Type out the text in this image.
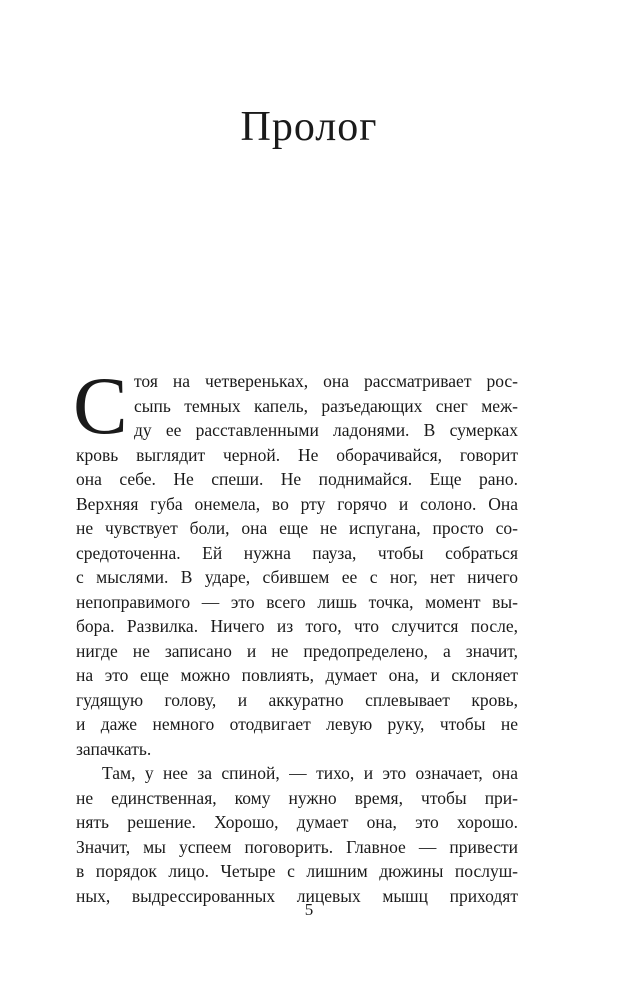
Пролог
С тоя на четвереньках, она рассматривает рос-
сыпь темных капель, разъедающих снег меж-
ду ее расставленными ладонями. В сумерках
кровь выглядит черной. Не оборачивайся, говорит
она себе. Не спеши. Не поднимайся. Еще рано.
Верхняя губа онемела, во рту горячо и солоно. Она
не чувствует боли, она еще не испугана, просто со-
средоточенна. Ей нужна пауза, чтобы собраться
с мыслями. В ударе, сбившем ее с ног, нет ничего
непоправимого — это всего лишь точка, момент вы-
бора. Развилка. Ничего из того, что случится после,
нигде не записано и не предопределено, а значит,
на это еще можно повлиять, думает она, и склоняет
гудящую голову, и аккуратно сплевывает кровь,
и даже немного отодвигает левую руку, чтобы не
запачкать.
Там, у нее за спиной, — тихо, и это означает, она
не единственная, кому нужно время, чтобы при-
нять решение. Хорошо, думает она, это хорошо.
Значит, мы успеем поговорить. Главное — привести
в порядок лицо. Четыре с лишним дюжины послуш-
ных, выдрессированных лицевых мышц приходят
5
